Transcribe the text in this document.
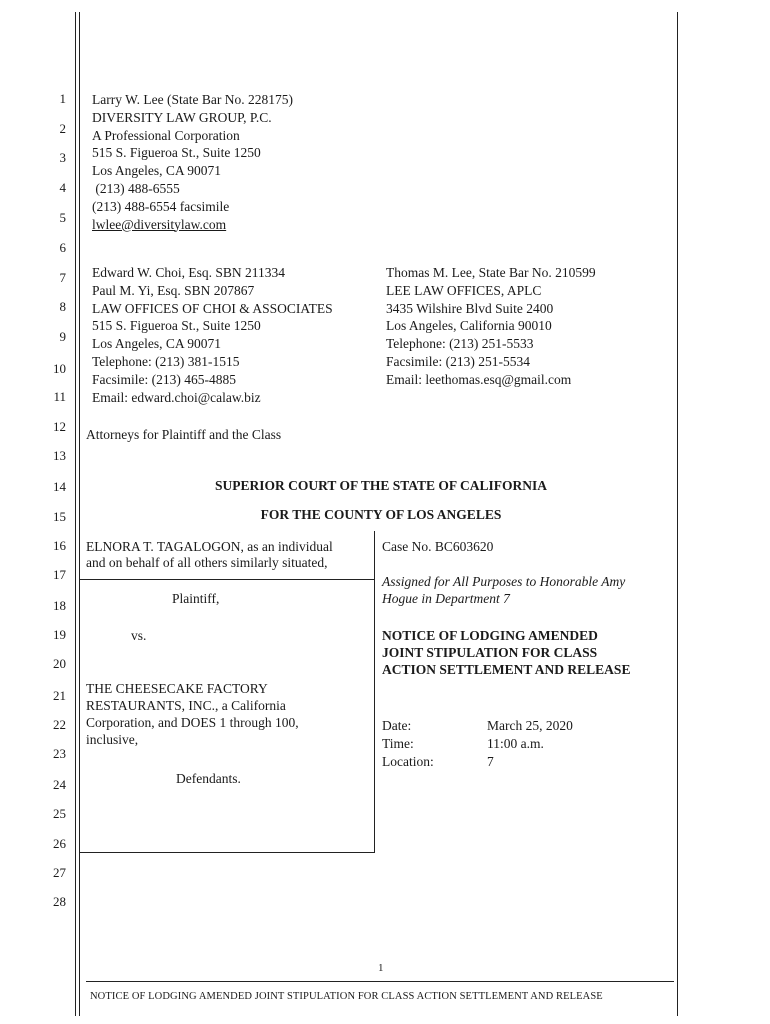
1
2
3
4
5
6
7
8
9
10
11
12
13
14
15
16
17
18
19
20
21
22
23
24
25
26
27
28
Larry W. Lee (State Bar No. 228175)
DIVERSITY LAW GROUP, P.C.
A Professional Corporation
515 S. Figueroa St., Suite 1250
Los Angeles, CA 90071
(213) 488-6555
(213) 488-6554 facsimile
lwlee@diversitylaw.com
Edward W. Choi, Esq. SBN 211334
Paul M. Yi, Esq. SBN 207867
LAW OFFICES OF CHOI & ASSOCIATES
515 S. Figueroa St., Suite 1250
Los Angeles, CA 90071
Telephone: (213) 381-1515
Facsimile: (213) 465-4885
Email: edward.choi@calaw.biz
Thomas M. Lee, State Bar No. 210599
LEE LAW OFFICES, APLC
3435 Wilshire Blvd Suite 2400
Los Angeles, California 90010
Telephone: (213) 251-5533
Facsimile: (213) 251-5534
Email: leethomas.esq@gmail.com
Attorneys for Plaintiff and the Class
SUPERIOR COURT OF THE STATE OF CALIFORNIA
FOR THE COUNTY OF LOS ANGELES
ELNORA T. TAGALOGON, as an individual
and on behalf of all others similarly situated,
Plaintiff,
vs.
THE CHEESECAKE FACTORY
RESTAURANTS, INC., a California
Corporation, and DOES 1 through 100,
inclusive,
Defendants.
Case No. BC603620
Assigned for All Purposes to Honorable Amy
Hogue in Department 7
NOTICE OF LODGING AMENDED
JOINT STIPULATION FOR CLASS
ACTION SETTLEMENT AND RELEASE
Date:	March 25, 2020
Time:	11:00 a.m.
Location:	7
1
NOTICE OF LODGING AMENDED JOINT STIPULATION FOR CLASS ACTION SETTLEMENT AND RELEASE
